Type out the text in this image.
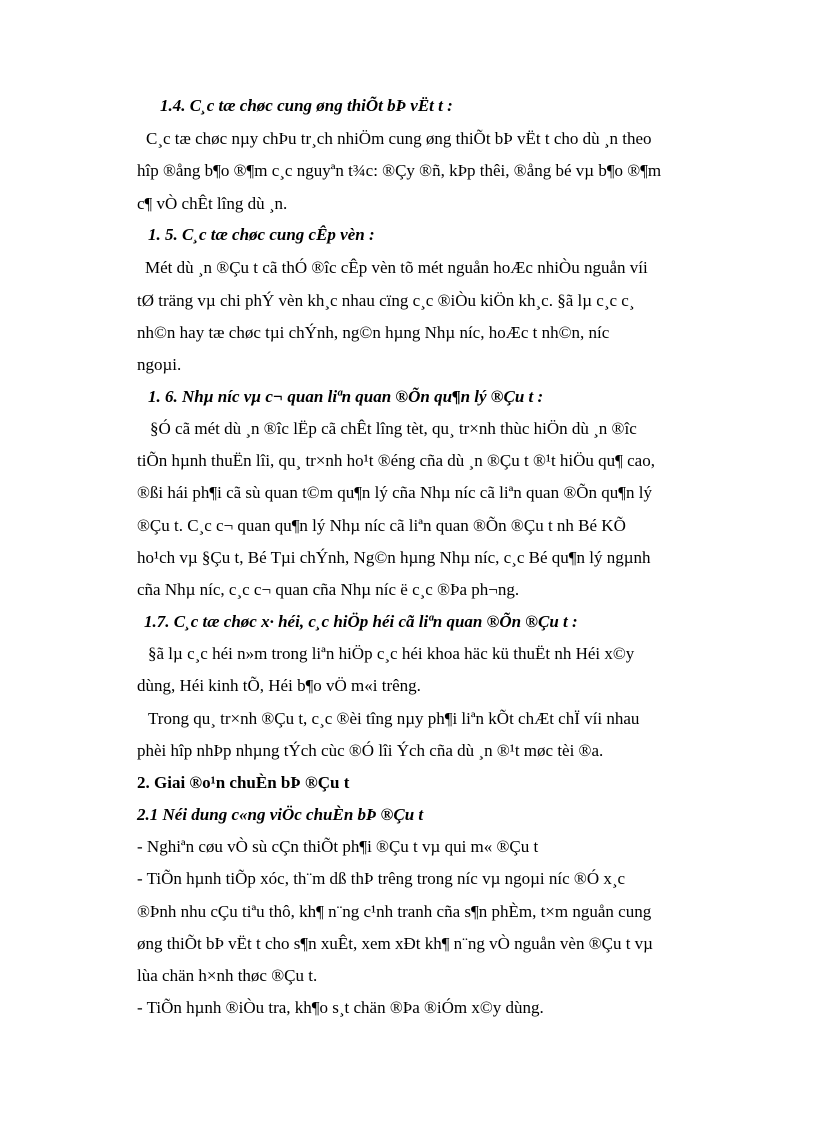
1.4. C¸c tæ chøc cung øng thiÕt bÞ vËt t :
C¸c tæ chøc nµy chÞu tr¸ch nhiÖm cung øng thiÕt bÞ vËt t cho dù ¸n theo
hîp ®ång b¶o ®¶m c¸c nguyªn t¾c: ®Çy ®ñ, kÞp thêi, ®ång bé vµ b¶o ®¶m
c¶ vÒ chÊt lîng dù ¸n.
1. 5. C¸c tæ chøc cung cÊp vèn :
Mét dù ¸n ®Çu t cã thÓ ®îc cÊp vèn tõ mét nguån hoÆc nhiÒu nguån víi
tØ träng vµ chi phÝ vèn kh¸c nhau cïng c¸c ®iÒu kiÖn kh¸c. §ã lµ c¸c c¸
nh©n hay tæ chøc tµi chÝnh, ng©n hµng Nhµ níc, hoÆc t nh©n, níc
ngoµi.
1. 6. Nhµ níc vµ c¬ quan liªn quan ®Õn qu¶n lý ®Çu t :
§Ó cã mét dù ¸n ®îc lËp cã chÊt lîng tèt, qu¸ tr×nh thùc hiÖn dù ¸n ®îc
tiÕn hµnh thuËn lîi, qu¸ tr×nh ho¹t ®éng cña dù ¸n ®Çu t ®¹t hiÖu qu¶ cao,
®ßi hái ph¶i cã sù quan t©m qu¶n lý cña Nhµ níc cã liªn quan ®Õn qu¶n lý
®Çu t. C¸c c¬ quan qu¶n lý Nhµ níc cã liªn quan ®Õn ®Çu t nh Bé KÕ
ho¹ch vµ §Çu t, Bé Tµi chÝnh, Ng©n hµng Nhµ níc, c¸c Bé qu¶n lý ngµnh
cña Nhµ níc, c¸c c¬ quan cña Nhµ níc ë c¸c ®Þa ph¬ng.
1.7. C¸c tæ chøc x· héi, c¸c hiÖp héi cã liªn quan ®Õn ®Çu t :
§ã lµ c¸c héi n»m trong liªn hiÖp c¸c héi khoa häc kü thuËt nh Héi x©y
dùng, Héi kinh tÕ, Héi b¶o vÖ m«i trêng.
Trong qu¸ tr×nh ®Çu t, c¸c ®èi tîng nµy ph¶i liªn kÕt chÆt chÏ víi nhau
phèi hîp nhÞp nhµng tÝch cùc ®Ó lîi Ých cña dù ¸n ®¹t møc tèi ®a.
2. Giai ®o¹n chuÈn bÞ ®Çu t
2.1 Néi dung c«ng viÖc chuÈn bÞ ®Çu t
- Nghiªn cøu vÒ sù cÇn thiÕt ph¶i ®Çu t vµ qui m« ®Çu t
- TiÕn hµnh tiÕp xóc, th¨m dß thÞ trêng trong níc vµ ngoµi níc ®Ó x¸c
®Þnh nhu cÇu tiªu thô, kh¶ n¨ng c¹nh tranh cña s¶n phÈm, t×m nguån cung
øng thiÕt bÞ vËt t cho s¶n xuÊt, xem xÐt kh¶ n¨ng vÒ nguån vèn ®Çu t vµ
lùa chän h×nh thøc ®Çu t.
- TiÕn hµnh ®iÒu tra, kh¶o s¸t chän ®Þa ®iÓm x©y dùng.
